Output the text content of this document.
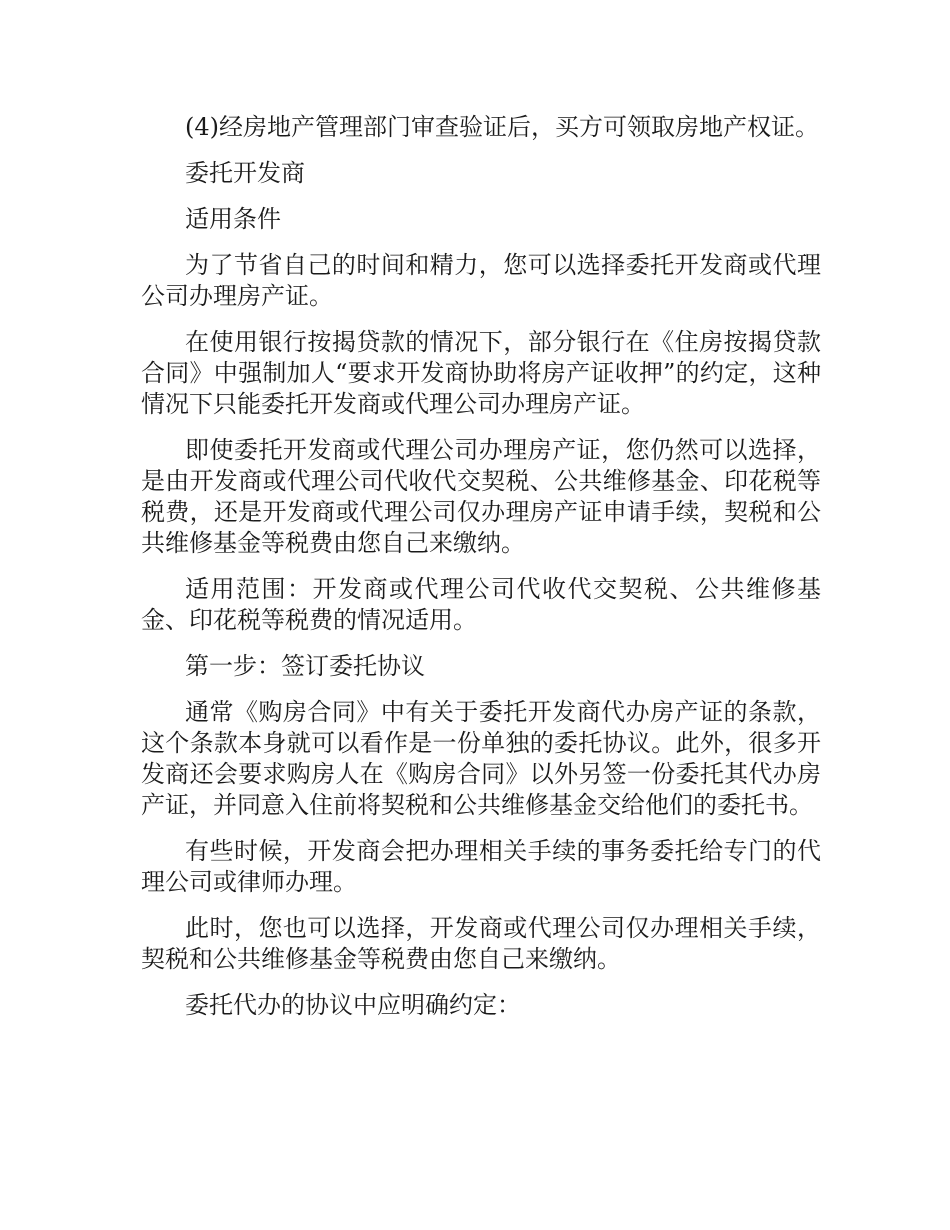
(4)经房地产管理部门审查验证后，买方可领取房地产权证。

委托开发商

适用条件

为了节省自己的时间和精力，您可以选择委托开发商或代理公司办理房产证。

在使用银行按揭贷款的情况下，部分银行在《住房按揭贷款合同》中强制加人“要求开发商协助将房产证收押”的约定，这种情况下只能委托开发商或代理公司办理房产证。

即使委托开发商或代理公司办理房产证，您仍然可以选择，是由开发商或代理公司代收代交契税、公共维修基金、印花税等税费，还是开发商或代理公司仅办理房产证申请手续，契税和公共维修基金等税费由您自己来缴纳。

适用范围：开发商或代理公司代收代交契税、公共维修基金、印花税等税费的情况适用。

第一步：签订委托协议

通常《购房合同》中有关于委托开发商代办房产证的条款，这个条款本身就可以看作是一份单独的委托协议。此外，很多开发商还会要求购房人在《购房合同》以外另签一份委托其代办房产证，并同意入住前将契税和公共维修基金交给他们的委托书。

有些时候，开发商会把办理相关手续的事务委托给专门的代理公司或律师办理。

此时，您也可以选择，开发商或代理公司仅办理相关手续，契税和公共维修基金等税费由您自己来缴纳。

委托代办的协议中应明确约定：
